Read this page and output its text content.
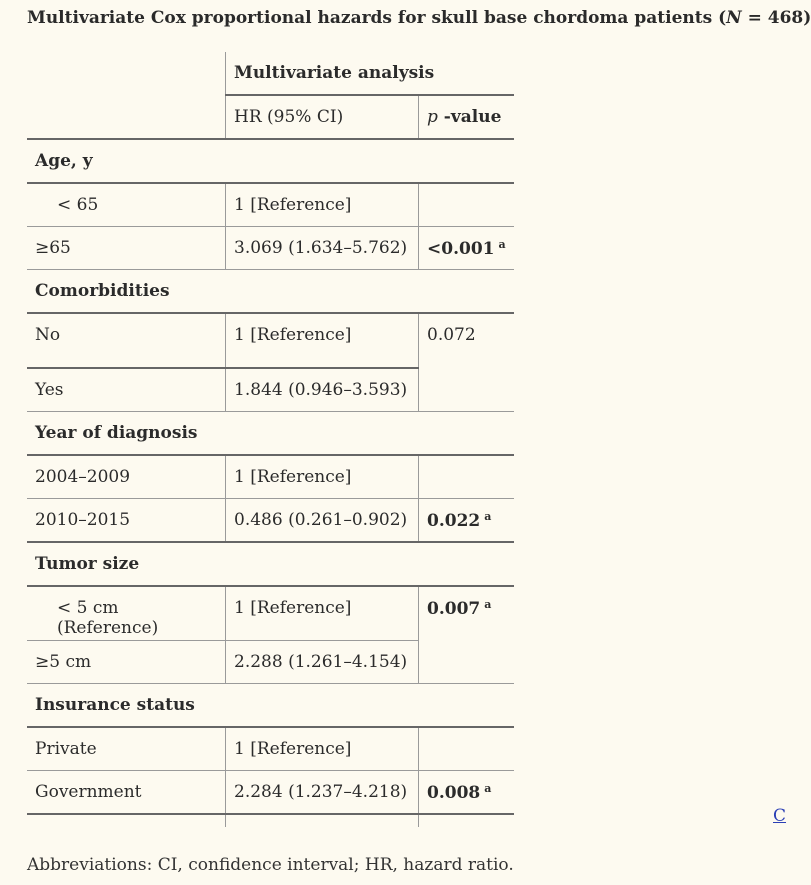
Multivariate Cox proportional hazards for skull base chordoma patients (N = 468)
	Multivariate analysis	
	HR (95% CI)	p -value
Age, y		
< 65	1 [Reference]	
≥65	3.069 (1.634–5.762)	<0.001 $^a$
Comorbidities		
No	1 [Reference]	0.072
Yes	1.844 (0.946–3.593)	
Year of diagnosis		
2004–2009	1 [Reference]	
2010–2015	0.486 (0.261–0.902)	0.022 $^a$
Tumor size		
< 5 cm (Reference)	1 [Reference]	0.007 $^a$
≥5 cm	2.288 (1.261–4.154)	
Insurance status		
Private	1 [Reference]	
Government	2.284 (1.237–4.218)	0.008 $^a$

C
Abbreviations: CI, confidence interval; HR, hazard ratio.
